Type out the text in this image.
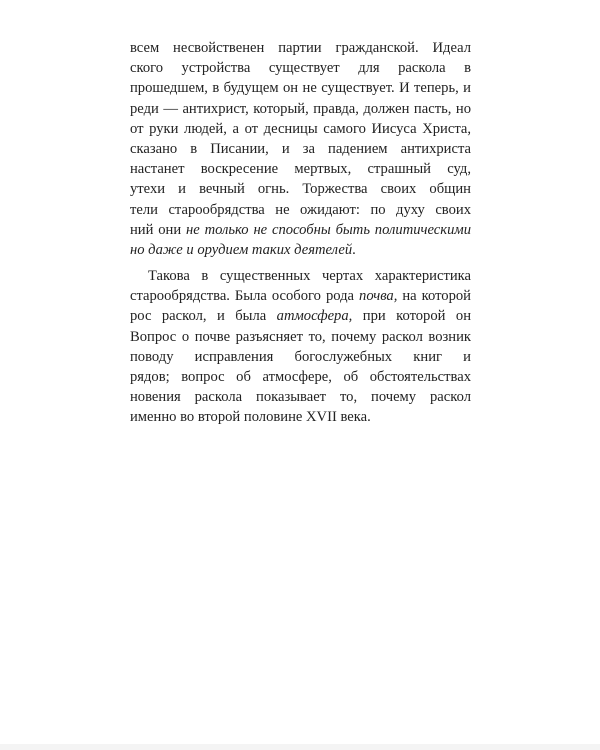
всем несвойственен партии гражданской. Идеал
ского устройства существует для раскола в
прошедшем, в будущем он не существует. И теперь, и
реди — антихрист, который, правда, должен пасть, но
от руки людей, а от десницы самого Иисуса Христа,
сказано в Писании, и за падением антихриста
настанет воскресение мертвых, страшный суд,
утехи и вечный огнь. Торжества своих общин
тели старообрядства не ожидают: по духу своих
ний они не только не способны быть политическими
но даже и орудием таких деятелей.
Такова в существенных чертах характеристика
старообрядства. Была особого рода почва, на которой
рос раскол, и была атмосфера, при которой он
Вопрос о почве разъясняет то, почему раскол возник
поводу исправления богослужебных книг и
рядов; вопрос об атмосфере, об обстоятельствах
новения раскола показывает то, почему раскол
именно во второй половине XVII века.
